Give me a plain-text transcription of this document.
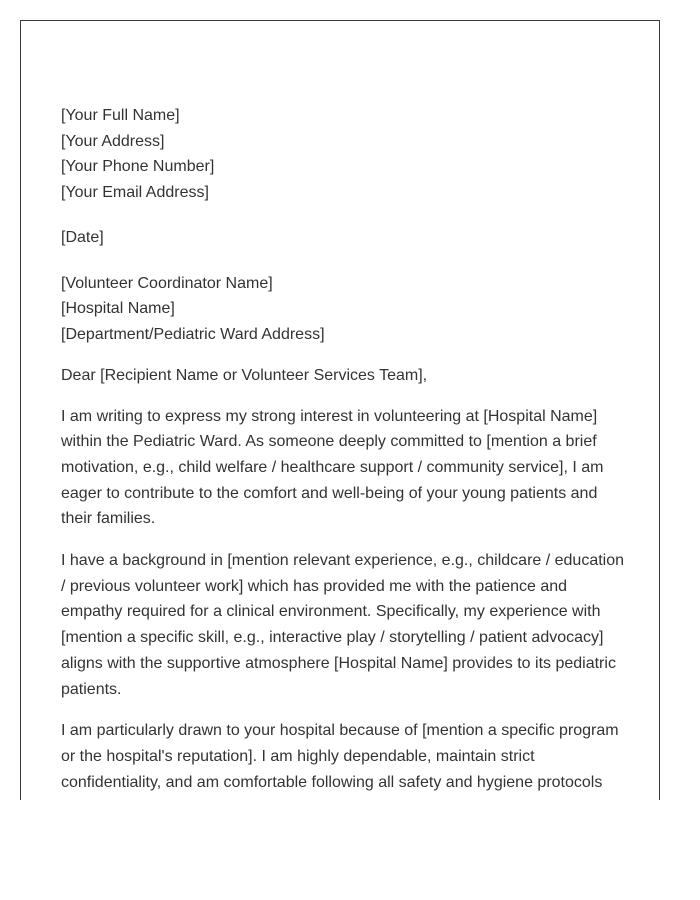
[Your Full Name]
[Your Address]
[Your Phone Number]
[Your Email Address]
[Date]
[Volunteer Coordinator Name]
[Hospital Name]
[Department/Pediatric Ward Address]
Dear [Recipient Name or Volunteer Services Team],

I am writing to express my strong interest in volunteering at [Hospital Name] within the Pediatric Ward. As someone deeply committed to [mention a brief motivation, e.g., child welfare / healthcare support / community service], I am eager to contribute to the comfort and well-being of your young patients and their families.

I have a background in [mention relevant experience, e.g., childcare / education / previous volunteer work] which has provided me with the patience and empathy required for a clinical environment. Specifically, my experience with [mention a specific skill, e.g., interactive play / storytelling / patient advocacy] aligns with the supportive atmosphere [Hospital Name] provides to its pediatric patients.

I am particularly drawn to your hospital because of [mention a specific program or the hospital's reputation]. I am highly dependable, maintain strict confidentiality, and am comfortable following all safety and hygiene protocols
